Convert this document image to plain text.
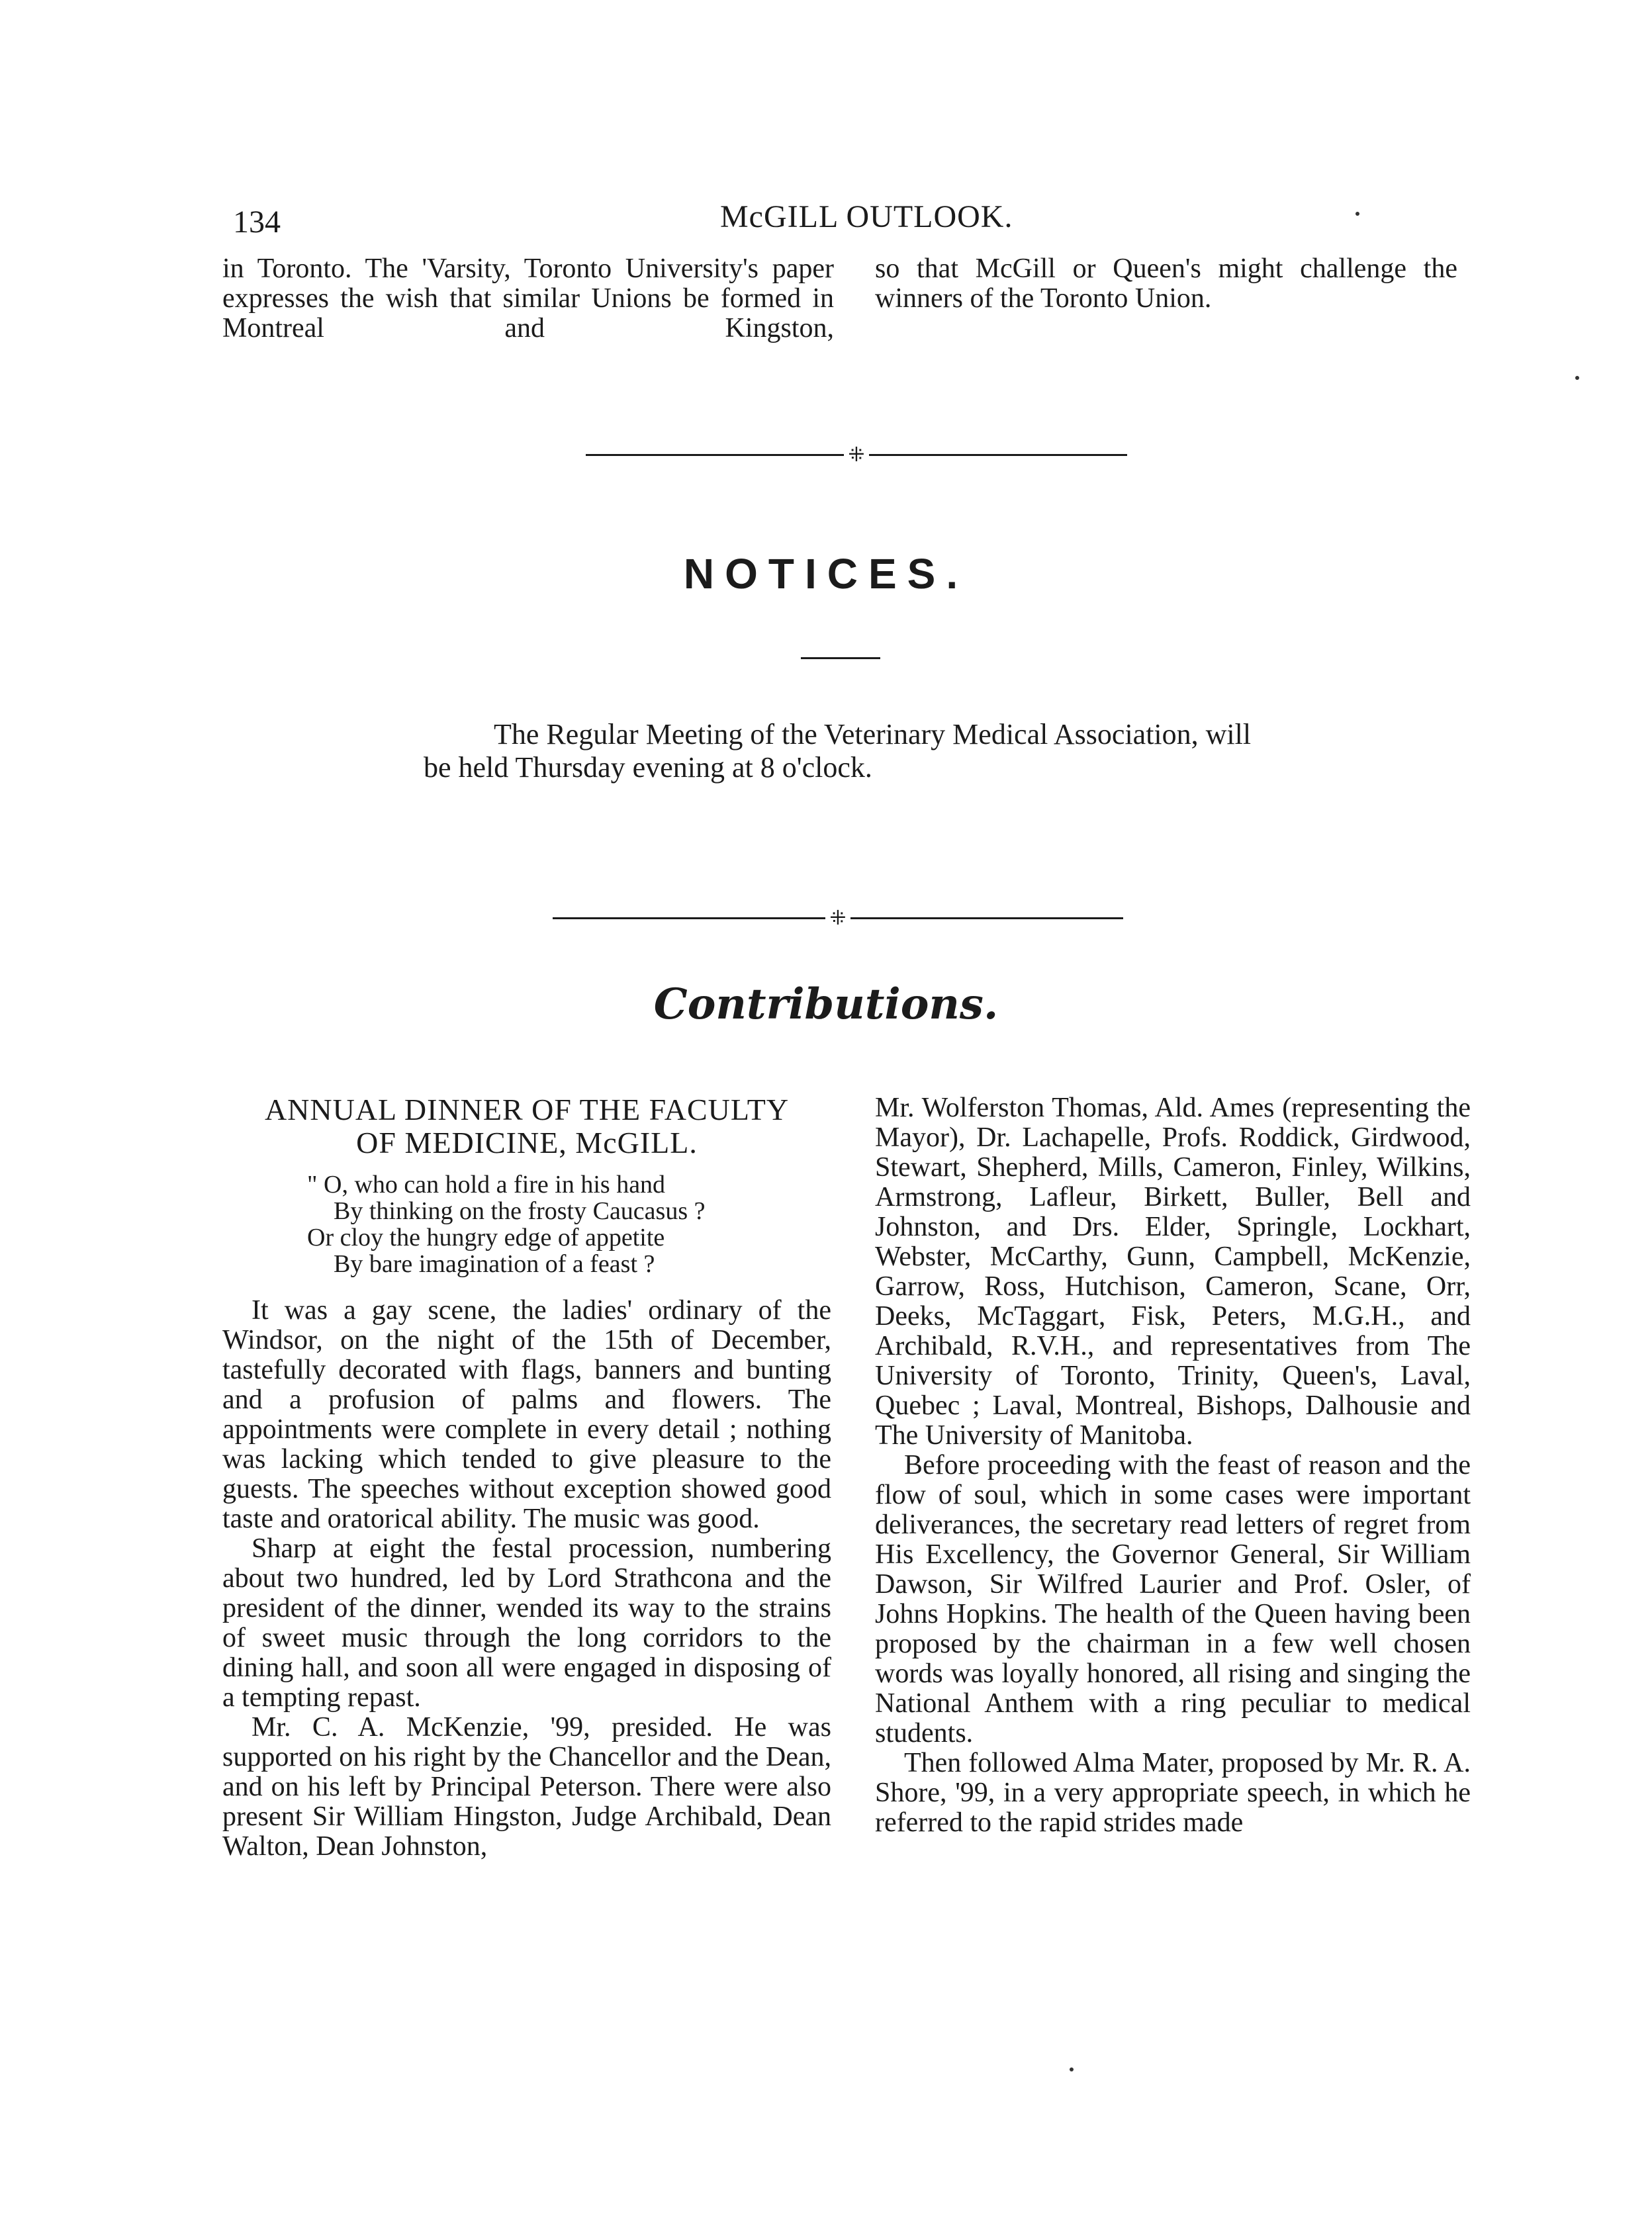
134	McGILL OUTLOOK.

in Toronto. The 'Varsity, Toronto University's paper expresses the wish that similar Unions be formed in Montreal and Kingston,

so that McGill or Queen's might challenge the winners of the Toronto Union.

⁜
NOTICES.

The Regular Meeting of the Veterinary Medical Association, will be held Thursday evening at 8 o'clock.

⁜
Contributions.
ANNUAL DINNER OF THE FACULTY
OF MEDICINE, McGILL.
" O, who can hold a fire in his hand
By thinking on the frosty Caucasus ?
Or cloy the hungry edge of appetite
By bare imagination of a feast ?

It was a gay scene, the ladies' ordinary of the Windsor, on the night of the 15th of December, tastefully decorated with flags, banners and bunting and a profusion of palms and flowers. The appointments were complete in every detail ; nothing was lacking which tended to give pleasure to the guests. The speeches without exception showed good taste and oratorical ability. The music was good.

Sharp at eight the festal procession, numbering about two hundred, led by Lord Strathcona and the president of the dinner, wended its way to the strains of sweet music through the long corridors to the dining hall, and soon all were engaged in disposing of a tempting repast.

Mr. C. A. McKenzie, '99, presided. He was supported on his right by the Chancellor and the Dean, and on his left by Principal Peterson. There were also present Sir William Hingston, Judge Archibald, Dean Walton, Dean Johnston,

Mr. Wolferston Thomas, Ald. Ames (representing the Mayor), Dr. Lachapelle, Profs. Roddick, Girdwood, Stewart, Shepherd, Mills, Cameron, Finley, Wilkins, Armstrong, Lafleur, Birkett, Buller, Bell and Johnston, and Drs. Elder, Springle, Lockhart, Webster, McCarthy, Gunn, Campbell, McKenzie, Garrow, Ross, Hutchison, Cameron, Scane, Orr, Deeks, McTaggart, Fisk, Peters, M.G.H., and Archibald, R.V.H., and representatives from The University of Toronto, Trinity, Queen's, Laval, Quebec ; Laval, Montreal, Bishops, Dalhousie and The University of Manitoba.

Before proceeding with the feast of reason and the flow of soul, which in some cases were important deliverances, the secretary read letters of regret from His Excellency, the Governor General, Sir William Dawson, Sir Wilfred Laurier and Prof. Osler, of Johns Hopkins. The health of the Queen having been proposed by the chairman in a few well chosen words was loyally honored, all rising and singing the National Anthem with a ring peculiar to medical students.

Then followed Alma Mater, proposed by Mr. R. A. Shore, '99, in a very appropriate speech, in which he referred to the rapid strides made
